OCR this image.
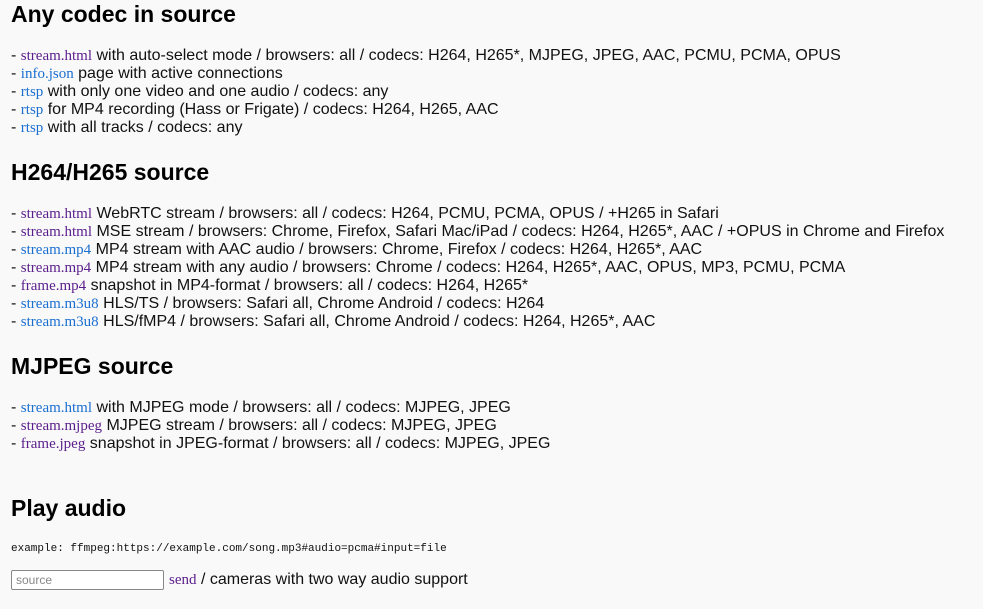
Any codec in source
- stream.html with auto-select mode / browsers: all / codecs: H264, H265*, MJPEG, JPEG, AAC, PCMU, PCMA, OPUS
- info.json page with active connections
- rtsp with only one video and one audio / codecs: any
- rtsp for MP4 recording (Hass or Frigate) / codecs: H264, H265, AAC
- rtsp with all tracks / codecs: any
H264/H265 source
- stream.html WebRTC stream / browsers: all / codecs: H264, PCMU, PCMA, OPUS / +H265 in Safari
- stream.html MSE stream / browsers: Chrome, Firefox, Safari Mac/iPad / codecs: H264, H265*, AAC / +OPUS in Chrome and Firefox
- stream.mp4 MP4 stream with AAC audio / browsers: Chrome, Firefox / codecs: H264, H265*, AAC
- stream.mp4 MP4 stream with any audio / browsers: Chrome / codecs: H264, H265*, AAC, OPUS, MP3, PCMU, PCMA
- frame.mp4 snapshot in MP4-format / browsers: all / codecs: H264, H265*
- stream.m3u8 HLS/TS / browsers: Safari all, Chrome Android / codecs: H264
- stream.m3u8 HLS/fMP4 / browsers: Safari all, Chrome Android / codecs: H264, H265*, AAC
MJPEG source
- stream.html with MJPEG mode / browsers: all / codecs: MJPEG, JPEG
- stream.mjpeg MJPEG stream / browsers: all / codecs: MJPEG, JPEG
- frame.jpeg snapshot in JPEG-format / browsers: all / codecs: MJPEG, JPEG
Play audio
example: ffmpeg:https://example.com/song.mp3#audio=pcma#input=file
source
send / cameras with two way audio support
